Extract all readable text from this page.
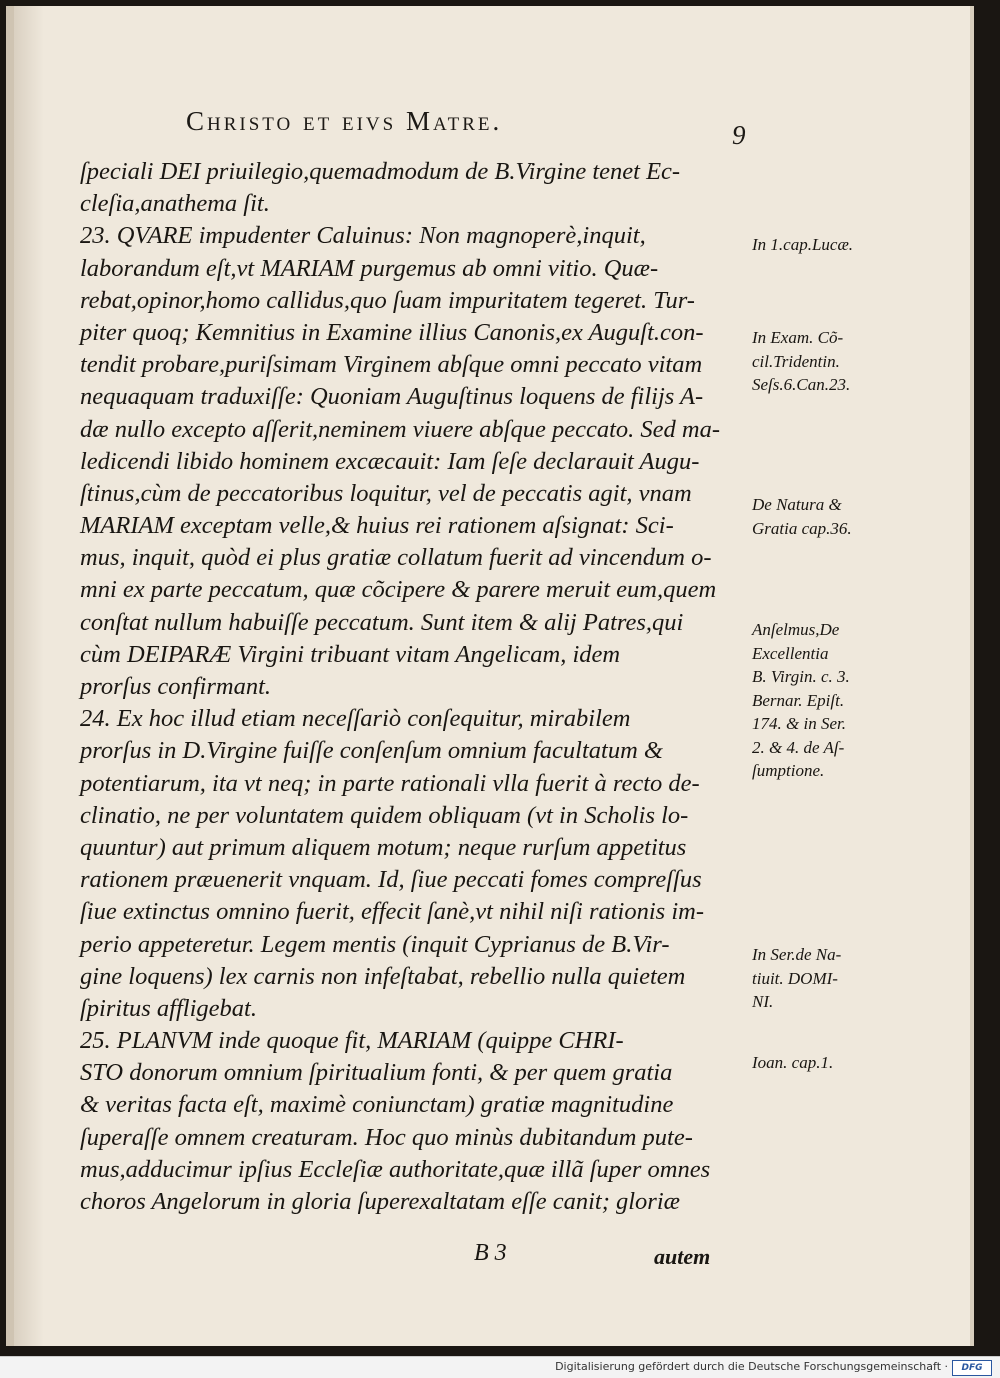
Christo et eivs Matre.	9
ſpeciali DEI priuilegio,quemadmodum de B.Virgine tenet Ec-
cleſia,anathema ſit.
23. QVARE impudenter Caluinus: Non magnoperè,inquit,
laborandum eſt,vt MARIAM purgemus ab omni vitio. Quæ-
rebat,opinor,homo callidus,quo ſuam impuritatem tegeret. Tur-
piter quoq; Kemnitius in Examine illius Canonis,ex Auguſt.con-
tendit probare,puriſsimam Virginem abſque omni peccato vitam
nequaquam traduxiſſe: Quoniam Auguſtinus loquens de filijs A-
dæ nullo excepto aſſerit,neminem viuere abſque peccato. Sed ma-
ledicendi libido hominem excæcauit: Iam ſeſe declarauit Augu-
ſtinus,cùm de peccatoribus loquitur, vel de peccatis agit, vnam
MARIAM exceptam velle,& huius rei rationem aſsignat: Sci-
mus, inquit, quòd ei plus gratiæ collatum fuerit ad vincendum o-
mni ex parte peccatum, quæ cõcipere & parere meruit eum,quem
conſtat nullum habuiſſe peccatum. Sunt item & alij Patres,qui
cùm DEIPARÆ Virgini tribuant vitam Angelicam, idem
prorſus confirmant.
24. Ex hoc illud etiam neceſſariò conſequitur, mirabilem
prorſus in D.Virgine fuiſſe conſenſum omnium facultatum &
potentiarum, ita vt neq; in parte rationali vlla fuerit à recto de-
clinatio, ne per voluntatem quidem obliquam (vt in Scholis lo-
quuntur) aut primum aliquem motum; neque rurſum appetitus
rationem præuenerit vnquam. Id, ſiue peccati fomes compreſſus
ſiue extinctus omnino fuerit, effecit ſanè,vt nihil niſi rationis im-
perio appeteretur. Legem mentis (inquit Cyprianus de B.Vir-
gine loquens) lex carnis non infeſtabat, rebellio nulla quietem
ſpiritus affligebat.
25. PLANVM inde quoque fit, MARIAM (quippe CHRI-
STO donorum omnium ſpiritualium fonti, & per quem gratia
& veritas facta eſt, maximè coniunctam) gratiæ magnitudine
ſuperaſſe omnem creaturam. Hoc quo minùs dubitandum pute-
mus,adducimur ipſius Eccleſiæ authoritate,quæ illã ſuper omnes
choros Angelorum in gloria ſuperexaltatam eſſe canit; gloriæ
In 1.cap.Lucæ.
In Exam. Cõ-
cil.Tridentin.
Seſs.6.Can.23.
De Natura &
Gratia cap.36.
Anſelmus,De
Excellentia
B. Virgin. c. 3.
Bernar. Epiſt.
174. & in Ser.
2. & 4. de Aſ-
ſumptione.
In Ser.de Na-
tiuit. DOMI-
NI.
Ioan. cap.1.
B 3	autem
Digitalisierung gefördert durch die Deutsche Forschungsgemeinschaft ·	DFG
